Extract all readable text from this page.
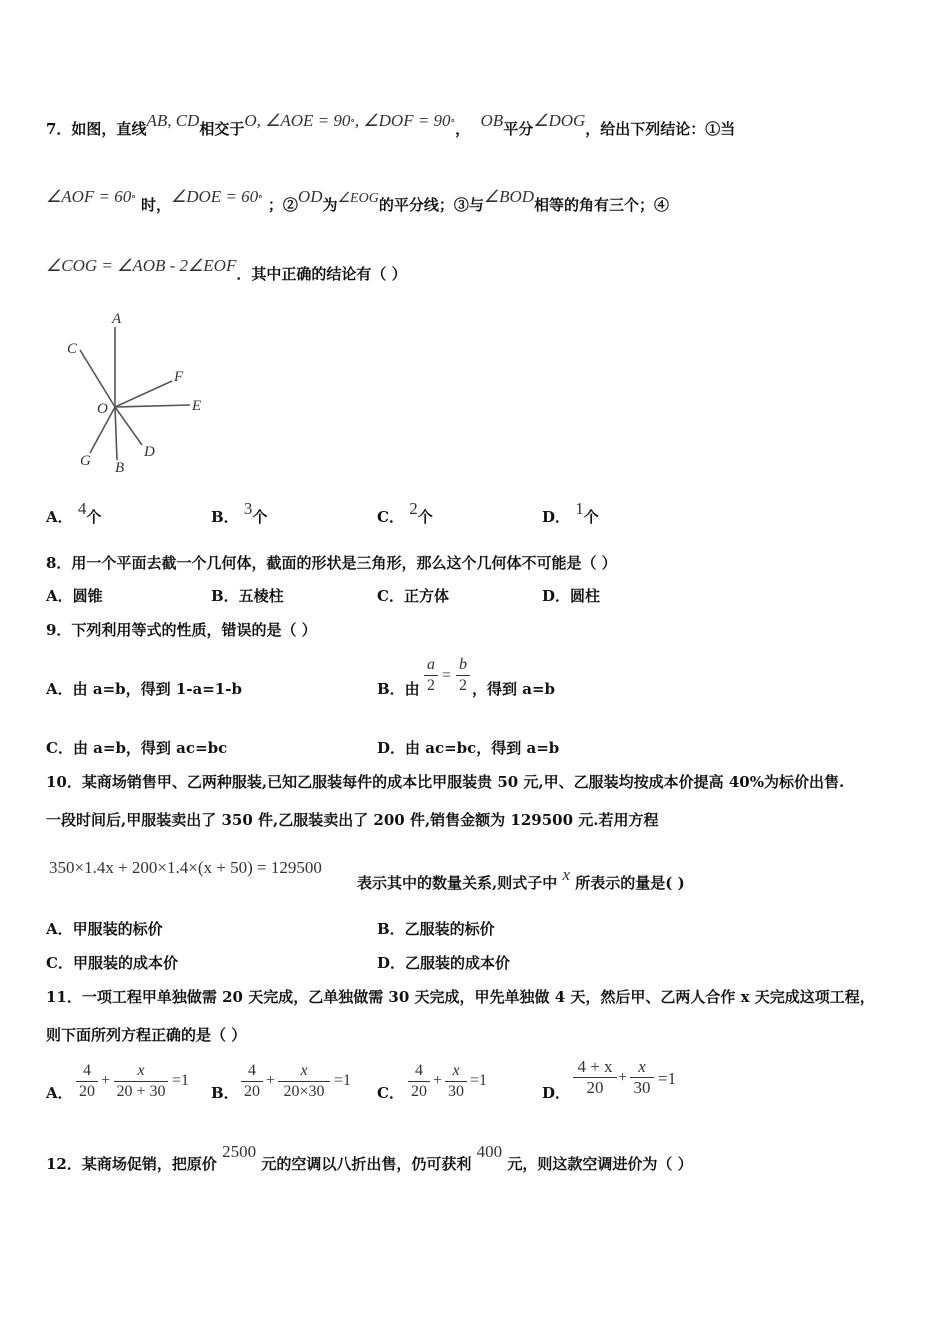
7．如图，直线AB, CD相交于O, ∠AOE = 90°, ∠DOF = 90°， OB平分∠DOG，给出下列结论：①当
∠AOF = 60° 时，∠DOE = 60° ；②OD为∠EOG的平分线；③与∠BOD相等的角有三个；④
∠COG = ∠AOB - 2∠EOF．其中正确的结论有（ ）
A
C
F
O	E
G B
D
A． 4个	B． 3个	C． 2个	D． 1个
8．用一个平面去截一个几何体，截面的形状是三角形，那么这个几何体不可能是（ ）
A．圆锥	B．五棱柱	C．正方体	D．圆柱
9．下列利用等式的性质，错误的是（ ）
A．由 a=b，得到 1-a=1-b	B．由
a
2
=
b
2 ，得到 a=b
C．由 a=b，得到 ac=bc	D．由 ac=bc，得到 a=b
10．某商场销售甲、乙两种服装,已知乙服装每件的成本比甲服装贵 50 元,甲、乙服装均按成本价提高 40%为标价出售.
一段时间后,甲服装卖出了 350 件,乙服装卖出了 200 件,销售金额为 129500 元.若用方程
350×1.4x + 200×1.4×(x + 50) = 129500
表示其中的数量关系,则式子中 x 所表示的量是( )
A．甲服装的标价	B．乙服装的标价
C．甲服装的成本价	D．乙服装的成本价
11．一项工程甲单独做需 20 天完成，乙单独做需 30 天完成，甲先单独做 4 天，然后甲、乙两人合作 x 天完成这项工程，
则下面所列方程正确的是（ ）
A．
4
20
+
x
20 + 30
=1
B．
4
20
+
x
20×30
=1
C．
4
20
+
x
30
=1
D．
4 + x
20
+
x
30 =1
12．某商场促销，把原价 2500 元的空调以八折出售，仍可获利 400 元，则这款空调进价为（ ）
